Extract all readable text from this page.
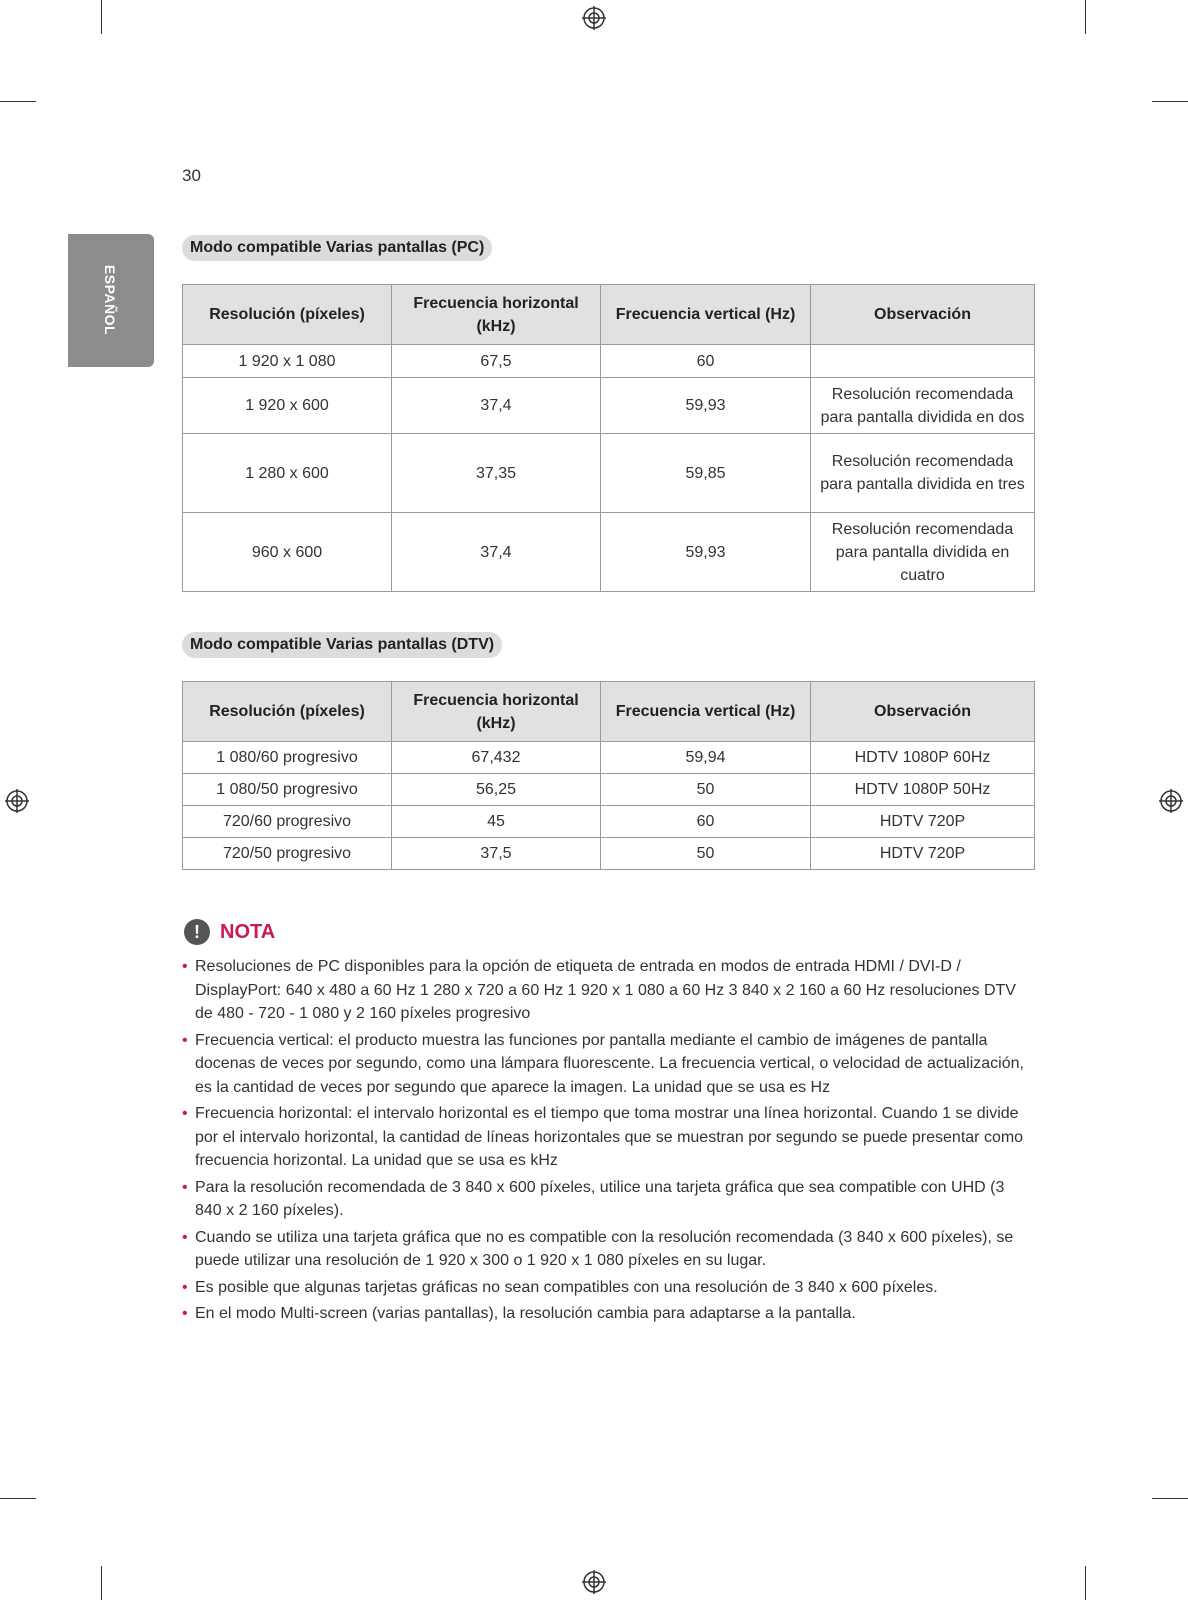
30
ESPAÑOL
Modo compatible Varias pantallas (PC)
Resolución (píxeles)	Frecuencia horizontal (kHz)	Frecuencia vertical (Hz)	Observación
1 920 x 1 080	67,5	60	
1 920 x 600	37,4	59,93	Resolución recomendada para pantalla dividida en dos
1 280 x 600	37,35	59,85	Resolución recomendada para pantalla dividida en tres
960 x 600	37,4	59,93	Resolución recomendada para pantalla dividida en cuatro
Modo compatible Varias pantallas (DTV)
Resolución (píxeles)	Frecuencia horizontal (kHz)	Frecuencia vertical (Hz)	Observación
1 080/60 progresivo	67,432	59,94	HDTV 1080P 60Hz
1 080/50 progresivo	56,25	50	HDTV 1080P 50Hz
720/60 progresivo	45	60	HDTV 720P
720/50 progresivo	37,5	50	HDTV 720P
!	NOTA
• Resoluciones de PC disponibles para la opción de etiqueta de entrada en modos de entrada HDMI / DVI-D / DisplayPort: 640 x 480 a 60 Hz 1 280 x 720 a 60 Hz 1 920 x 1 080 a 60 Hz 3 840 x 2 160 a 60 Hz resoluciones DTV de 480 - 720 - 1 080 y 2 160 píxeles progresivo
• Frecuencia vertical: el producto muestra las funciones por pantalla mediante el cambio de imágenes de pantalla docenas de veces por segundo, como una lámpara fluorescente. La frecuencia vertical, o velocidad de actualización, es la cantidad de veces por segundo que aparece la imagen. La unidad que se usa es Hz
• Frecuencia horizontal: el intervalo horizontal es el tiempo que toma mostrar una línea horizontal. Cuando 1 se divide por el intervalo horizontal, la cantidad de líneas horizontales que se muestran por segundo se puede presentar como frecuencia horizontal. La unidad que se usa es kHz
• Para la resolución recomendada de 3 840 x 600 píxeles, utilice una tarjeta gráfica que sea compatible con UHD (3 840 x 2 160 píxeles).
• Cuando se utiliza una tarjeta gráfica que no es compatible con la resolución recomendada (3 840 x 600 píxeles), se puede utilizar una resolución de 1 920 x 300 o 1 920 x 1 080 píxeles en su lugar.
• Es posible que algunas tarjetas gráficas no sean compatibles con una resolución de 3 840 x 600 píxeles.
• En el modo Multi-screen (varias pantallas), la resolución cambia para adaptarse a la pantalla.
